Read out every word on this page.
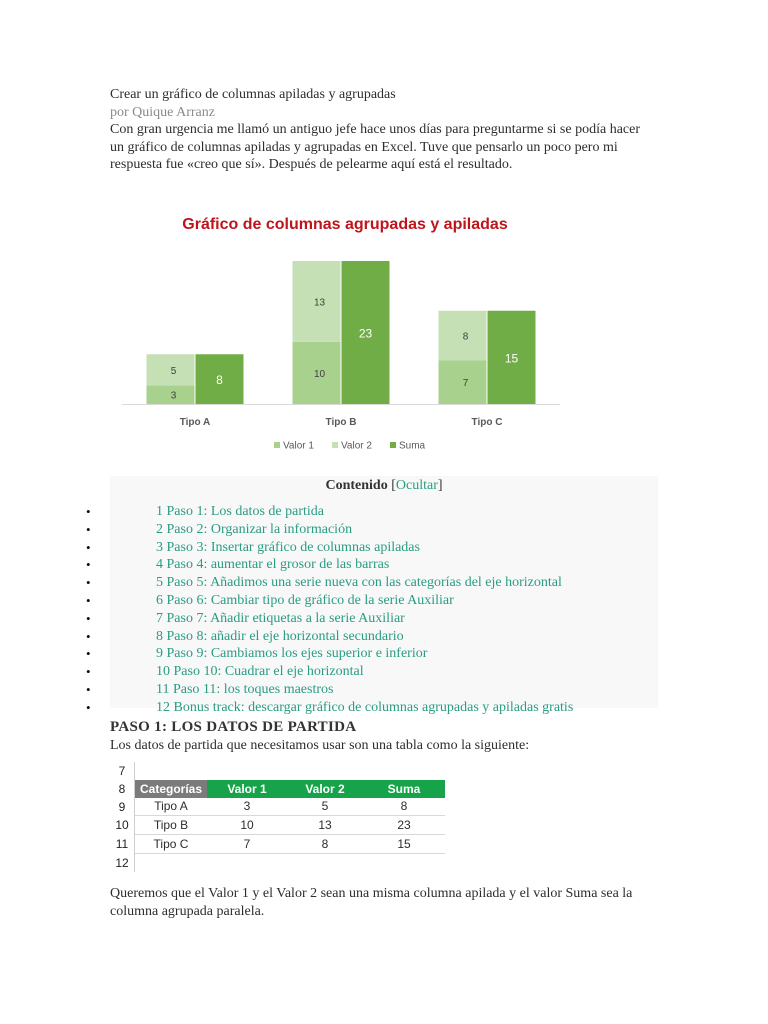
Crear un gráfico de columnas apiladas y agrupadas
por Quique Arranz
Con gran urgencia me llamó un antiguo jefe hace unos días para preguntarme si se podía hacer un gráfico de columnas apiladas y agrupadas en Excel. Tuve que pensarlo un poco pero mi respuesta fue «creo que sí». Después de pelearme aquí está el resultado.
Gráfico de columnas agrupadas y apiladas
3
5
8
Tipo A
10
13
23
Tipo B
7
8
15
Tipo C
Valor 1	Valor 2	Suma
Contenido [Ocultar]
•	1 Paso 1: Los datos de partida
•	2 Paso 2: Organizar la información
•	3 Paso 3: Insertar gráfico de columnas apiladas
•	4 Paso 4: aumentar el grosor de las barras
•	5 Paso 5: Añadimos una serie nueva con las categorías del eje horizontal
•	6 Paso 6: Cambiar tipo de gráfico de la serie Auxiliar
•	7 Paso 7: Añadir etiquetas a la serie Auxiliar
•	8 Paso 8: añadir el eje horizontal secundario
•	9 Paso 9: Cambiamos los ejes superior e inferior
•	10 Paso 10: Cuadrar el eje horizontal
•	11 Paso 11: los toques maestros
•	12 Bonus track: descargar gráfico de columnas agrupadas y apiladas gratis
PASO 1: LOS DATOS DE PARTIDA

Los datos de partida que necesitamos usar son una tabla como la siguiente:

7				
8	Categorías	Valor 1	Valor 2	Suma
9	Tipo A	3	5	8
10	Tipo B	10	13	23
11	Tipo C	7	8	15
12				
Queremos que el Valor 1 y el Valor 2 sean una misma columna apilada y el valor Suma sea la columna agrupada paralela.
